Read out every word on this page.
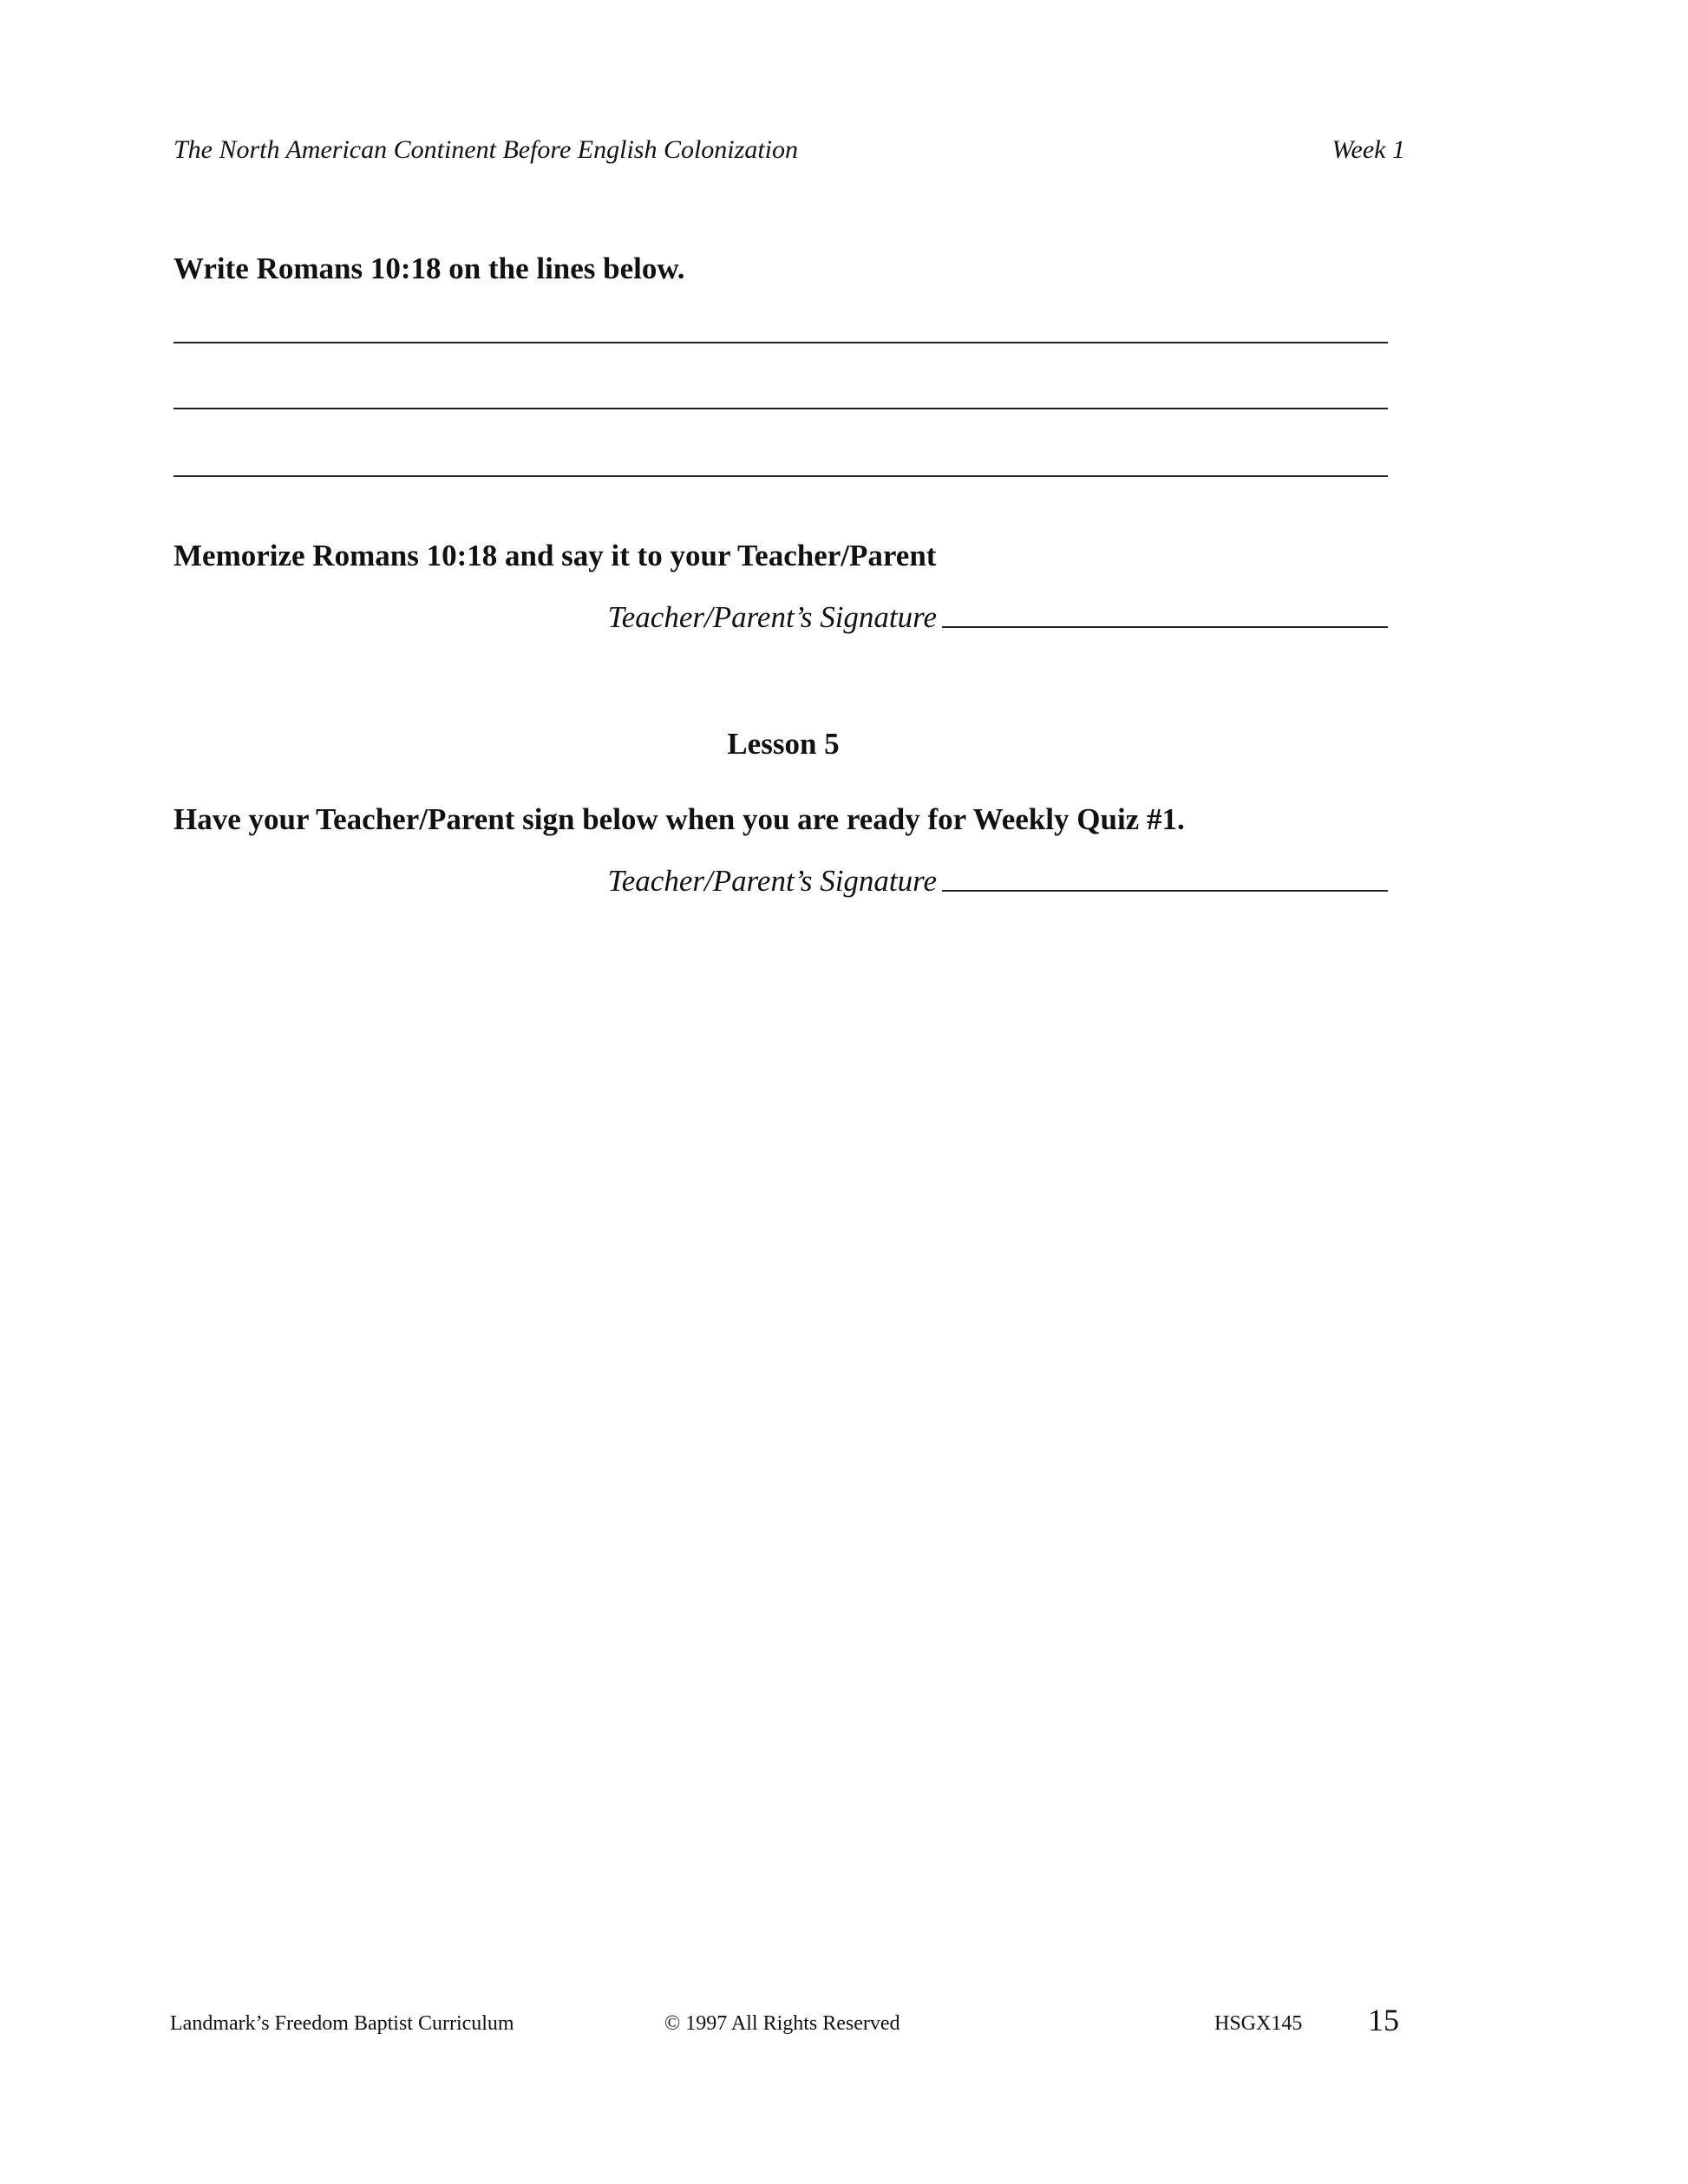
The North American Continent Before English Colonization	Week 1
Write Romans 10:18 on the lines below.
Memorize Romans 10:18 and say it to your Teacher/Parent
Teacher/Parent’s Signature
Lesson 5
Have your Teacher/Parent sign below when you are ready for Weekly Quiz #1.
Teacher/Parent’s Signature
Landmark’s Freedom Baptist Curriculum	© 1997 All Rights Reserved	HSGX145 15
